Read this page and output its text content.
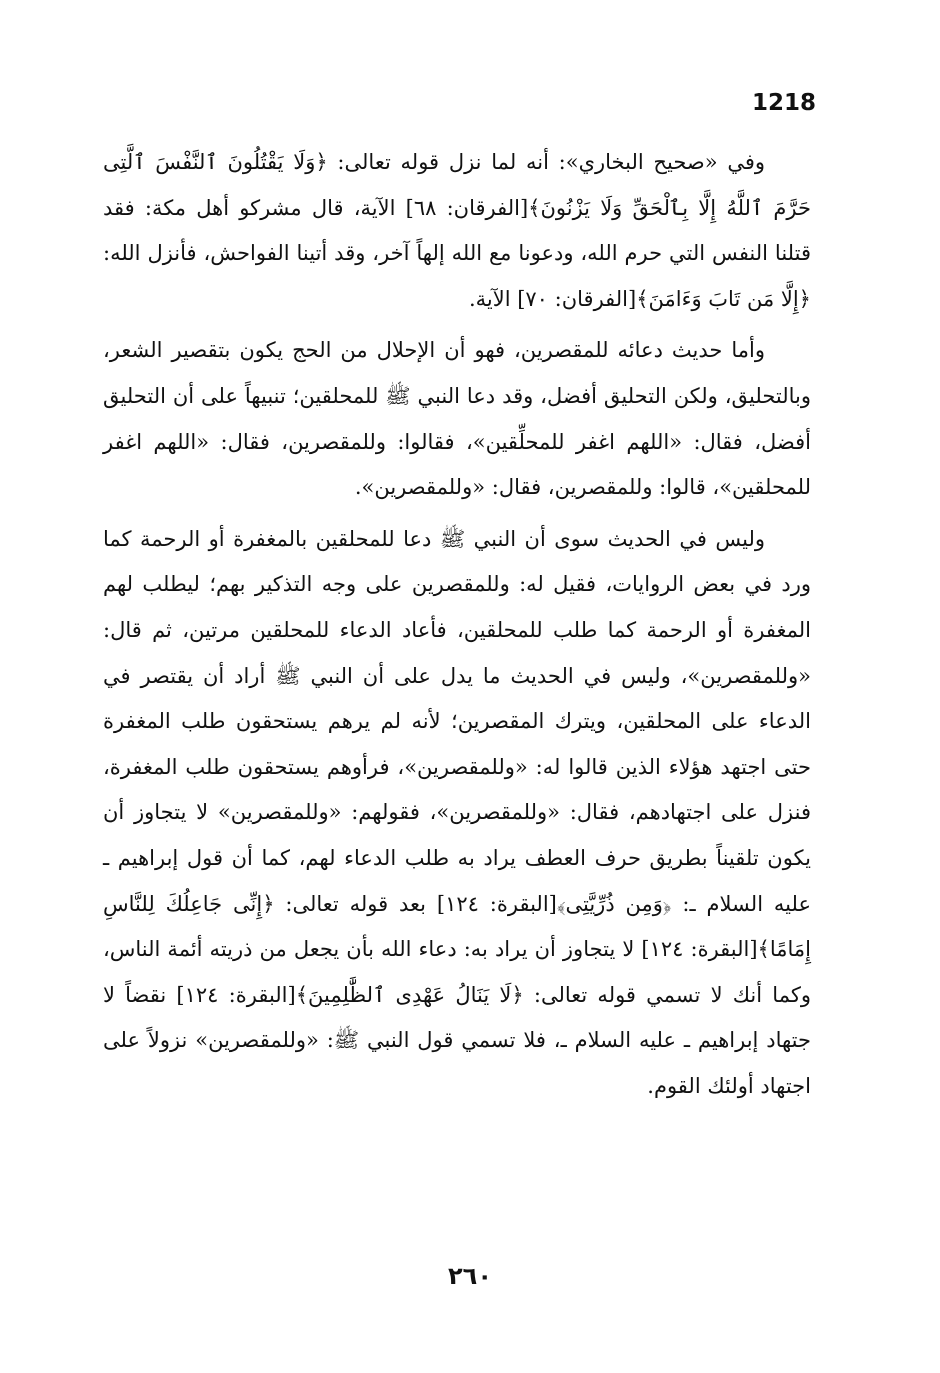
1218

وفي «صحيح البخاري»: أنه لما نزل قوله تعالى: ﴿وَلَا يَقْتُلُونَ ٱلنَّفْسَ ٱلَّتِى حَرَّمَ ٱللَّهُ إِلَّا بِٱلْحَقِّ وَلَا يَزْنُونَ﴾[الفرقان: ٦٨] الآية، قال مشركو أهل مكة: فقد قتلنا النفس التي حرم الله، ودعونا مع الله إلهاً آخر، وقد أتينا الفواحش، فأنزل الله: ﴿إِلَّا مَن تَابَ وَءَامَنَ﴾[الفرقان: ٧٠] الآية.

وأما حديث دعائه للمقصرين، فهو أن الإحلال من الحج يكون بتقصير الشعر، وبالتحليق، ولكن التحليق أفضل، وقد دعا النبي ﷺ للمحلقين؛ تنبيهاً على أن التحليق أفضل، فقال: «اللهم اغفر للمحلِّقين»، فقالوا: وللمقصرين، فقال: «اللهم اغفر للمحلقين»، قالوا: وللمقصرين، فقال: «وللمقصرين».

وليس في الحديث سوى أن النبي ﷺ دعا للمحلقين بالمغفرة أو الرحمة كما ورد في بعض الروايات، فقيل له: وللمقصرين على وجه التذكير بهم؛ ليطلب لهم المغفرة أو الرحمة كما طلب للمحلقين، فأعاد الدعاء للمحلقين مرتين، ثم قال: «وللمقصرين»، وليس في الحديث ما يدل على أن النبي ﷺ أراد أن يقتصر في الدعاء على المحلقين، ويترك المقصرين؛ لأنه لم يرهم يستحقون طلب المغفرة حتى اجتهد هؤلاء الذين قالوا له: «وللمقصرين»، فرأوهم يستحقون طلب المغفرة، فنزل على اجتهادهم، فقال: «وللمقصرين»، فقولهم: «وللمقصرين» لا يتجاوز أن يكون تلقيناً بطريق حرف العطف يراد به طلب الدعاء لهم، كما أن قول إبراهيم ـ عليه السلام ـ: ﴿وَمِن ذُرِّيَّتِى﴾[البقرة: ١٢٤] بعد قوله تعالى: ﴿إِنِّى جَاعِلُكَ لِلنَّاسِ إِمَامًا﴾[البقرة: ١٢٤] لا يتجاوز أن يراد به: دعاء الله بأن يجعل من ذريته أئمة الناس، وكما أنك لا تسمي قوله تعالى: ﴿لَا يَنَالُ عَهْدِى ٱلظَّٰلِمِينَ﴾[البقرة: ١٢٤] نقضاً لا جتهاد إبراهيم ـ عليه السلام ـ، فلا تسمي قول النبي ﷺ: «وللمقصرين» نزولاً على اجتهاد أولئك القوم.

٢٦٠
